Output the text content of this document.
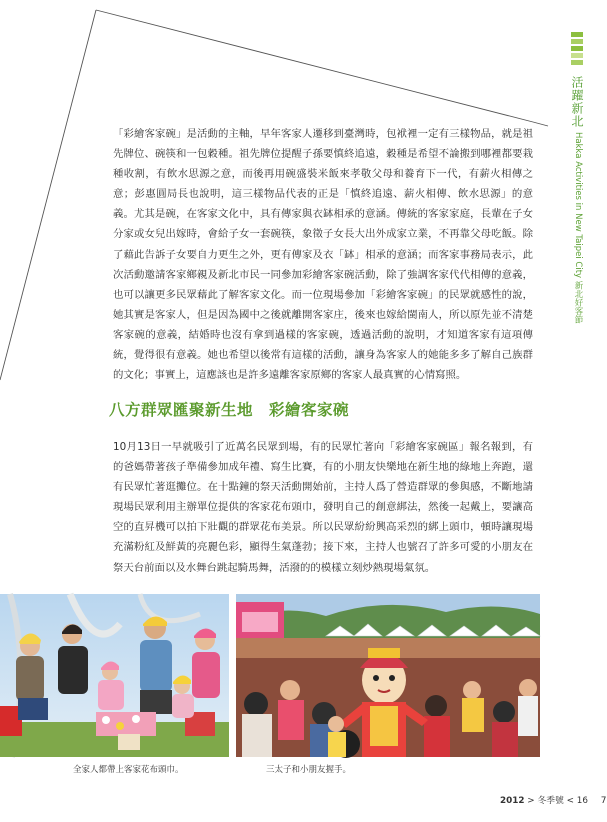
活躍新北
Hakka Activities in New Taipei City 新北好客節
「彩繪客家碗」是活動的主軸，早年客家人遷移到臺灣時，包袱裡一定有三樣物品，就是祖先牌位、碗筷和一包穀種。祖先牌位提醒子孫要慎終追遠，穀種是希望不論搬到哪裡都要栽種收割，有飲水思源之意，而後再用碗盛裝米飯來孝敬父母和養育下一代，有薪火相傳之意；彭惠圓局長也說明，這三樣物品代表的正是「慎終追遠、薪火相傳、飲水思源」的意義。尤其是碗，在客家文化中，具有傳家與衣缽相承的意涵。傳統的客家家庭，長輩在子女分家或女兒出嫁時，會給子女一套碗筷，象徵子女長大出外成家立業，不再靠父母吃飯。除了藉此告訴子女要自力更生之外，更有傳家及衣「缽」相承的意涵；而客家事務局表示，此次活動邀請客家鄉親及新北市民一同參加彩繪客家碗活動，除了強調客家代代相傳的意義，也可以讓更多民眾藉此了解客家文化。而一位現場參加「彩繪客家碗」的民眾就感性的說，她其實是客家人，但是因為國中之後就離開客家庄，後來也嫁給閩南人，所以原先並不清楚客家碗的意義，結婚時也沒有拿到過樣的客家碗，透過活動的說明，才知道客家有這項傳統，覺得很有意義。她也希望以後常有這樣的活動，讓身為客家人的她能多多了解自己族群的文化；事實上，這應該也是許多遠離客家原鄉的客家人最真實的心情寫照。
八方群眾匯聚新生地　彩繪客家碗
10月13日一早就吸引了近萬名民眾到場，有的民眾忙著向「彩繪客家碗區」報名報到，有的爸媽帶著孩子準備參加成年禮、寫生比賽，有的小朋友快樂地在新生地的綠地上奔跑，還有民眾忙著逛攤位。在十點鐘的祭天活動開始前，主持人爲了營造群眾的參與感，不斷地請現場民眾利用主辦單位提供的客家花布頭巾，發明自己的創意綁法，然後一起戴上，要讓高空的直昇機可以拍下壯觀的群眾花布美景。所以民眾紛紛興高采烈的綁上頭巾，頓時讓現場充滿粉紅及鮮黃的亮麗色彩，顯得生氣蓬勃；接下來，主持人也號召了許多可愛的小朋友在祭天台前面以及水舞台跳起騎馬舞，活潑的的模樣立刻炒熱現場氣氛。
全家人都帶上客家花布頭巾。	三太子和小朋友握手。
2012 > 冬季號 < 16 7
